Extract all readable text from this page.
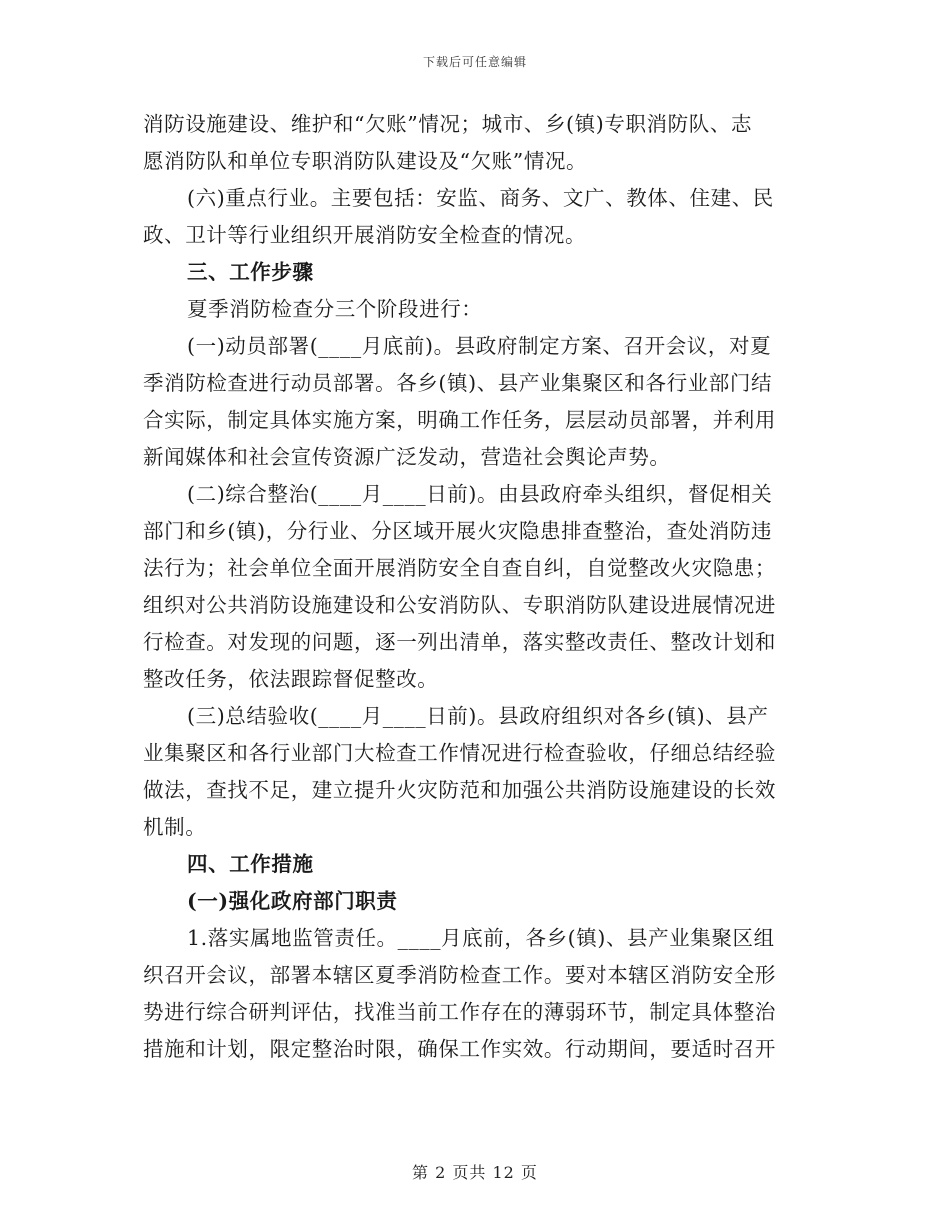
下载后可任意编辑
消防设施建设、维护和“欠账”情况；城市、乡(镇)专职消防队、志
愿消防队和单位专职消防队建设及“欠账”情况。
(六)重点行业。主要包括：安监、商务、文广、教体、住建、民
政、卫计等行业组织开展消防安全检查的情况。
三、工作步骤
夏季消防检查分三个阶段进行：
(一)动员部署(____月底前)。县政府制定方案、召开会议，对夏
季消防检查进行动员部署。各乡(镇)、县产业集聚区和各行业部门结
合实际，制定具体实施方案，明确工作任务，层层动员部署，并利用
新闻媒体和社会宣传资源广泛发动，营造社会舆论声势。
(二)综合整治(____月____日前)。由县政府牵头组织，督促相关
部门和乡(镇)，分行业、分区域开展火灾隐患排查整治，查处消防违
法行为；社会单位全面开展消防安全自查自纠，自觉整改火灾隐患；
组织对公共消防设施建设和公安消防队、专职消防队建设进展情况进
行检查。对发现的问题，逐一列出清单，落实整改责任、整改计划和
整改任务，依法跟踪督促整改。
(三)总结验收(____月____日前)。县政府组织对各乡(镇)、县产
业集聚区和各行业部门大检查工作情况进行检查验收，仔细总结经验
做法，查找不足，建立提升火灾防范和加强公共消防设施建设的长效
机制。
四、工作措施
(一)强化政府部门职责
1.落实属地监管责任。____月底前，各乡(镇)、县产业集聚区组
织召开会议，部署本辖区夏季消防检查工作。要对本辖区消防安全形
势进行综合研判评估，找准当前工作存在的薄弱环节，制定具体整治
措施和计划，限定整治时限，确保工作实效。行动期间，要适时召开
第 2 页共 12 页
